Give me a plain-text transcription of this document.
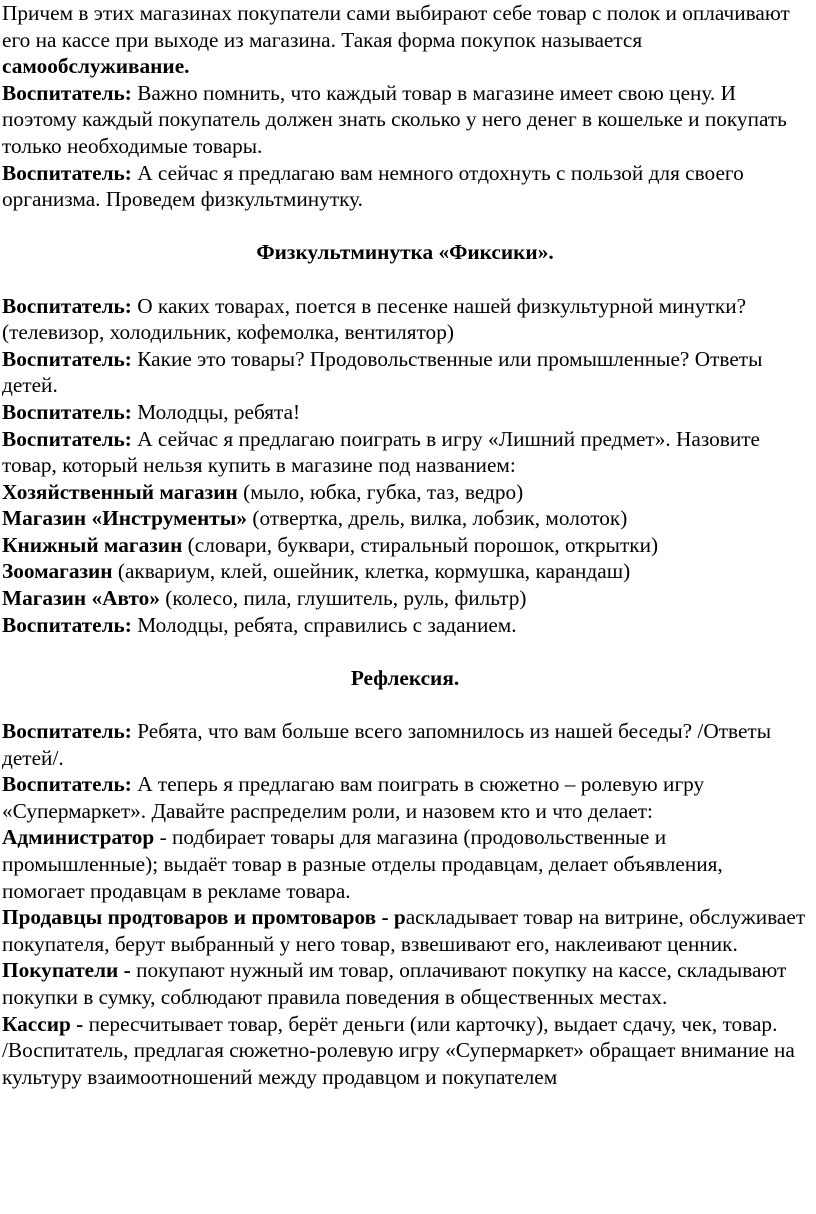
Причем в этих магазинах покупатели сами выбирают себе товар с полок и оплачивают его на кассе при выходе из магазина. Такая форма покупок называется самообслуживание.

Воспитатель: Важно помнить, что каждый товар в магазине имеет свою цену. И поэтому каждый покупатель должен знать сколько у него денег в кошельке и покупать только необходимые товары.

Воспитатель: А сейчас я предлагаю вам немного отдохнуть с пользой для своего организма. Проведем физкультминутку.

Физкультминутка «Фиксики».

Воспитатель: О каких товарах, поется в песенке нашей физкультурной минутки? (телевизор, холодильник, кофемолка, вентилятор)

Воспитатель: Какие это товары? Продовольственные или промышленные? Ответы детей.

Воспитатель: Молодцы, ребята!

Воспитатель: А сейчас я предлагаю поиграть в игру «Лишний предмет». Назовите товар, который нельзя купить в магазине под названием:

Хозяйственный магазин (мыло, юбка, губка, таз, ведро)

Магазин «Инструменты» (отвертка, дрель, вилка, лобзик, молоток)

Книжный магазин (словари, буквари, стиральный порошок, открытки)

Зоомагазин (аквариум, клей, ошейник, клетка, кормушка, карандаш)

Магазин «Авто» (колесо, пила, глушитель, руль, фильтр)

Воспитатель: Молодцы, ребята, справились с заданием.

Рефлексия.

Воспитатель: Ребята, что вам больше всего запомнилось из нашей беседы? /Ответы детей/.

Воспитатель: А теперь я предлагаю вам поиграть в сюжетно – ролевую игру «Супермаркет». Давайте распределим роли, и назовем кто и что делает: Администратор - подбирает товары для магазина (продовольственные и промышленные); выдаёт товар в разные отделы продавцам, делает объявления, помогает продавцам в рекламе товара.

Продавцы продтоваров и промтоваров - раскладывает товар на витрине, обслуживает покупателя, берут выбранный у него товар, взвешивают его, наклеивают ценник.

Покупатели - покупают нужный им товар, оплачивают покупку на кассе, складывают покупки в сумку, соблюдают правила поведения в общественных местах.

Кассир - пересчитывает товар, берёт деньги (или карточку), выдает сдачу, чек, товар.

/Воспитатель, предлагая сюжетно-ролевую игру «Супермаркет» обращает внимание на культуру взаимоотношений между продавцом и покупателем
